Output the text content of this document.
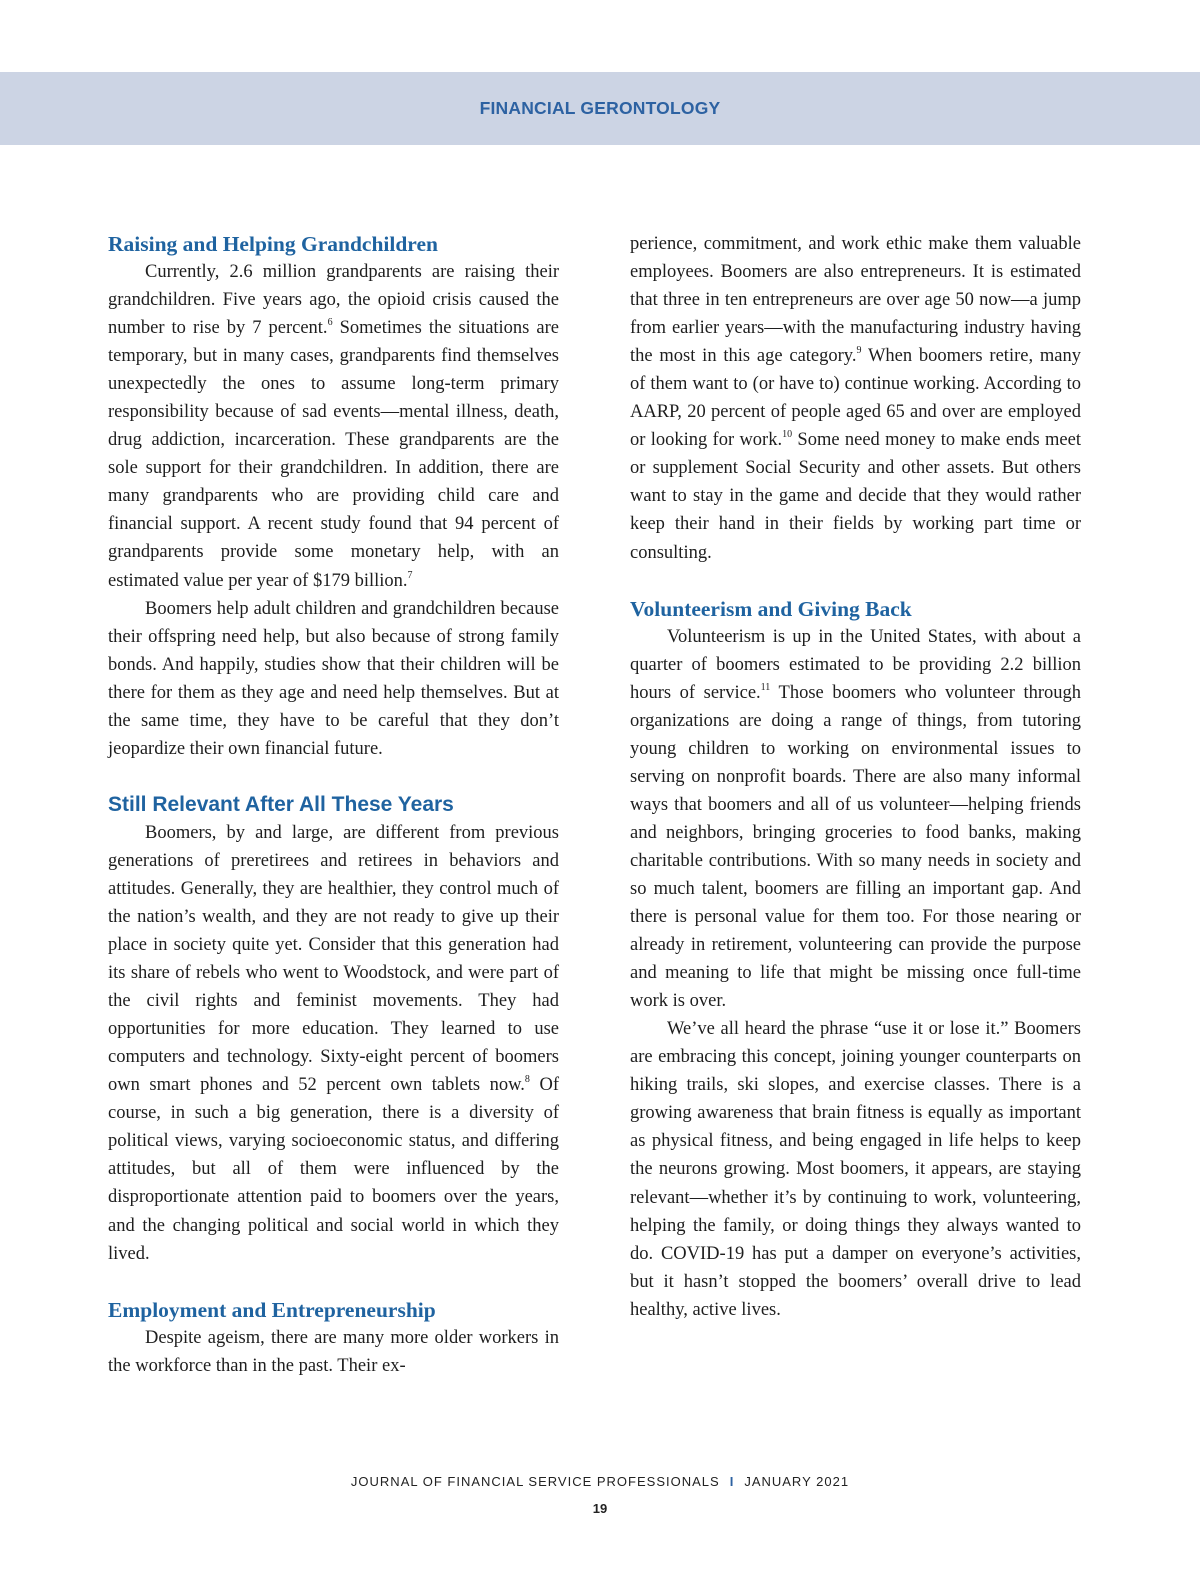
FINANCIAL GERONTOLOGY
Raising and Helping Grandchildren

Currently, 2.6 million grandparents are raising their grandchildren. Five years ago, the opioid crisis caused the number to rise by 7 percent.$^6$ Sometimes the situations are temporary, but in many cases, grandparents find themselves unexpectedly the ones to assume long-term primary responsibility because of sad events—mental illness, death, drug addiction, incarceration. These grandparents are the sole support for their grandchildren. In addition, there are many grandparents who are providing child care and financial support. A recent study found that 94 percent of grandparents provide some monetary help, with an estimated value per year of $179 billion.$^7$

Boomers help adult children and grandchildren because their offspring need help, but also because of strong family bonds. And happily, studies show that their children will be there for them as they age and need help themselves. But at the same time, they have to be careful that they don’t jeopardize their own financial future.

Still Relevant After All These Years

Boomers, by and large, are different from previous generations of preretirees and retirees in behaviors and attitudes. Generally, they are healthier, they control much of the nation’s wealth, and they are not ready to give up their place in society quite yet. Consider that this generation had its share of rebels who went to Woodstock, and were part of the civil rights and feminist movements. They had opportunities for more education. They learned to use computers and technology. Sixty-eight percent of boomers own smart phones and 52 percent own tablets now.$^8$ Of course, in such a big generation, there is a diversity of political views, varying socioeconomic status, and differing attitudes, but all of them were influenced by the disproportionate attention paid to boomers over the years, and the changing political and social world in which they lived.

Employment and Entrepreneurship

Despite ageism, there are many more older workers in the workforce than in the past. Their ex-

perience, commitment, and work ethic make them valuable employees. Boomers are also entrepreneurs. It is estimated that three in ten entrepreneurs are over age 50 now—a jump from earlier years—with the manufacturing industry having the most in this age category.$^9$ When boomers retire, many of them want to (or have to) continue working. According to AARP, 20 percent of people aged 65 and over are employed or looking for work.$^{10}$ Some need money to make ends meet or supplement Social Security and other assets. But others want to stay in the game and decide that they would rather keep their hand in their fields by working part time or consulting.

Volunteerism and Giving Back

Volunteerism is up in the United States, with about a quarter of boomers estimated to be providing 2.2 billion hours of service.$^{11}$ Those boomers who volunteer through organizations are doing a range of things, from tutoring young children to working on environmental issues to serving on nonprofit boards. There are also many informal ways that boomers and all of us volunteer—helping friends and neighbors, bringing groceries to food banks, making charitable contributions. With so many needs in society and so much talent, boomers are filling an important gap. And there is personal value for them too. For those nearing or already in retirement, volunteering can provide the purpose and meaning to life that might be missing once full-time work is over.

We’ve all heard the phrase “use it or lose it.” Boomers are embracing this concept, joining younger counterparts on hiking trails, ski slopes, and exercise classes. There is a growing awareness that brain fitness is equally as important as physical fitness, and being engaged in life helps to keep the neurons growing. Most boomers, it appears, are staying relevant—whether it’s by continuing to work, volunteering, helping the family, or doing things they always wanted to do. COVID-19 has put a damper on everyone’s activities, but it hasn’t stopped the boomers’ overall drive to lead healthy, active lives.

JOURNAL OF FINANCIAL SERVICE PROFESSIONALS I JANUARY 2021
19
